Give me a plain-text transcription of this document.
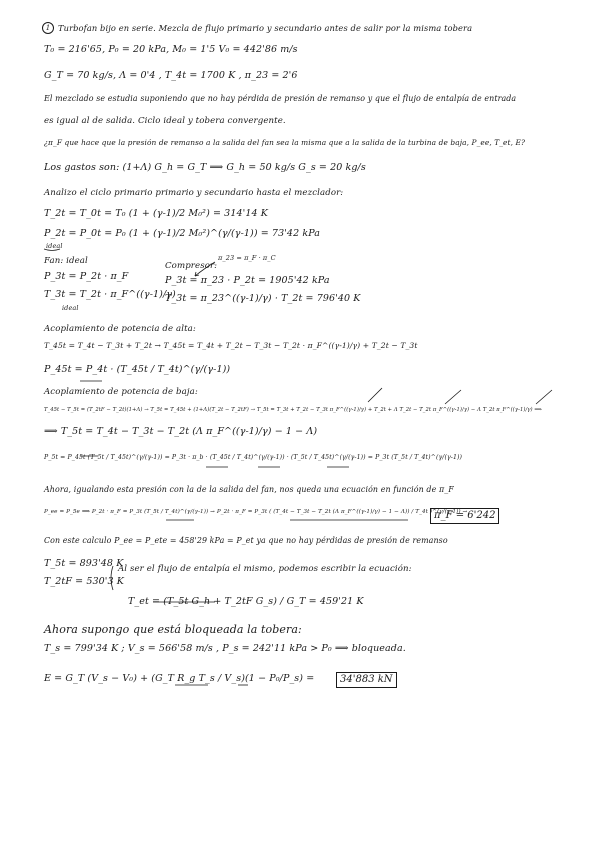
1 Turbofan bijo en serie. Mezcla de flujo primario y secundario antes de salir por la misma tobera
T₀ = 216'65, P₀ = 20 kPa, M₀ = 1'5 V₀ = 442'86 m/s
G_T = 70 kg/s, Λ = 0'4 , T_4t = 1700 K , π_23 = 2'6
El mezclado se estudia suponiendo que no hay pérdida de presión de remanso y que el flujo de entalpía de entrada
es igual al de salida. Ciclo ideal y tobera convergente.
¿π_F que hace que la presión de remanso a la salida del fan sea la misma que a la salida de la turbina de baja, P_ee, T_et, E?
Los gastos son: (1+Λ) G_h = G_T ⟹ G_h = 50 kg/s G_s = 20 kg/s
Analizo el ciclo primario primario y secundario hasta el mezclador:
T_2t = T_0t = T₀ (1 + (γ-1)/2 M₀²) = 314'14 K
P_2t = P_0t = P₀ (1 + (γ-1)/2 M₀²)^(γ/(γ-1)) = 73'42 kPa
ideal
Fan: ideal
P_3t = P_2t · π_F
T_3t = T_2t · π_F^((γ-1)/γ)
ideal
π_23 = π_F · π_C
Compresor:
P_3t = π_23 · P_2t = 1905'42 kPa
T_3t = π_23^((γ-1)/γ) · T_2t = 796'40 K
Acoplamiento de potencia de alta:
T_45t = T_4t − T_3t + T_2t → T_45t = T_4t + T_2t − T_3t − T_2t · π_F^((γ-1)/γ) + T_2t − T_3t
P_45t = P_4t · (T_45t / T_4t)^(γ/(γ-1))
Acoplamiento de potencia de baja:
T_45t − T_5t = (T_2tF − T_2t)(1+Λ) → T_5t = T_45t + (1+Λ)(T_2t − T_2tF) → T_5t = T_3t + T_2t − T_3t π_F^((γ-1)/γ) + T_2t + Λ T_2t − T_2t π_F^((γ-1)/γ) − Λ T_2t π_F^((γ-1)/γ) ⟹
⟹ T_5t = T_4t − T_3t − T_2t (Λ π_F^((γ-1)/γ) − 1 − Λ)
P_5t = P_45t (T_5t / T_45t)^(γ/(γ-1)) = P_3t · π_b · (T_45t / T_4t)^(γ/(γ-1)) · (T_5t / T_45t)^(γ/(γ-1)) = P_3t (T_5t / T_4t)^(γ/(γ-1))
Ahora, igualando esta presión con la de la salida del fan, nos queda una ecuación en función de π_F
P_ee = P_5e ⟹ P_2t · π_F = P_3t (T_5t / T_4t)^(γ/(γ-1)) → P_2t · π_F = P_3t ( (T_4t − T_3t − T_2t (Λ π_F^((γ-1)/γ) − 1 − Λ)) / T_4t )^(γ/(γ-1)) →
π_F = 6'242
Con este calculo P_ee = P_ete = 458'29 kPa = P_et ya que no hay pérdidas de presión de remanso
T_5t = 893'48 K
T_2tF = 530'3 K
Al ser el flujo de entalpía el mismo, podemos escribir la ecuación:
T_et = (T_5t G_h + T_2tF G_s) / G_T = 459'21 K
Ahora supongo que está bloqueada la tobera:
T_s = 799'34 K ; V_s = 566'58 m/s , P_s = 242'11 kPa > P₀ ⟹ bloqueada.
E = G_T (V_s − V₀) + (G_T R_g T_s / V_s)(1 − P₀/P_s) =	34'883 kN
